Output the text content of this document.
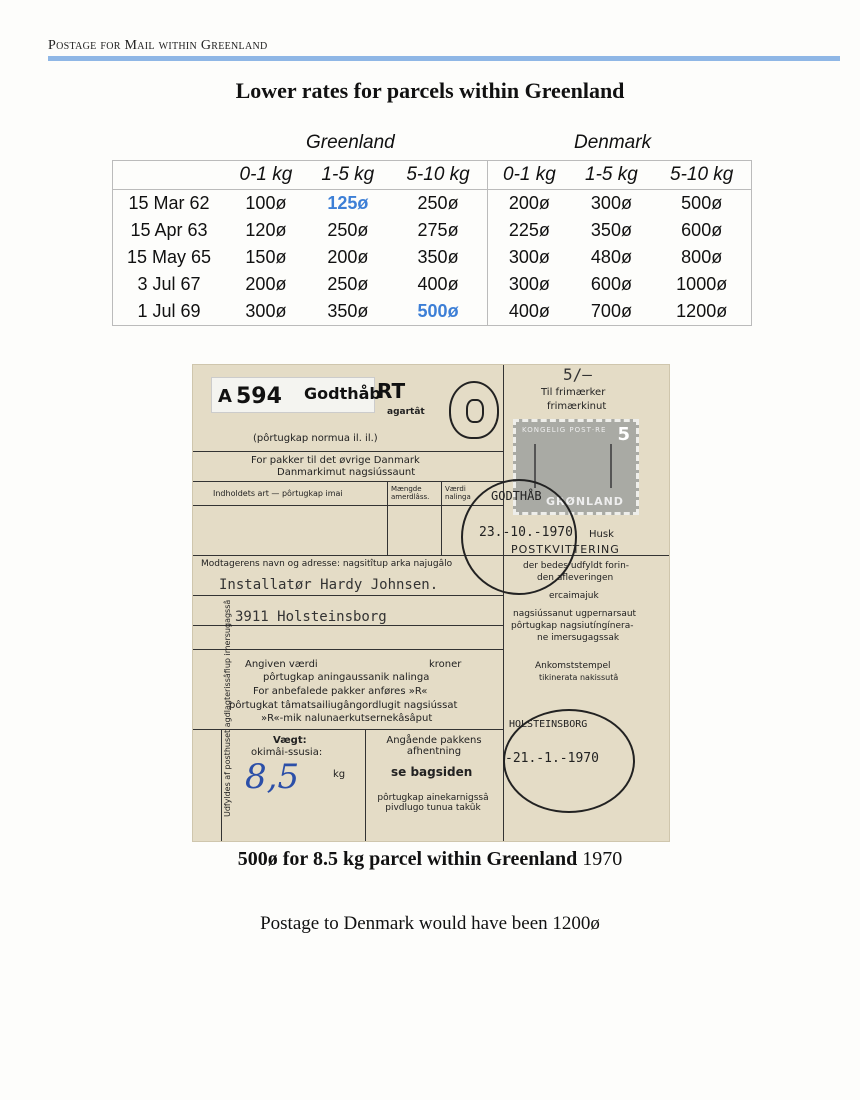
Postage for Mail within Greenland
Lower rates for parcels within Greenland
Greenland	Denmark
	0-1 kg	1-5 kg	5-10 kg	0-1 kg	1-5 kg	5-10 kg
15 Mar 62	100ø	125ø	250ø	200ø	300ø	500ø
15 Apr 63	120ø	250ø	275ø	225ø	350ø	600ø
15 May 65	150ø	200ø	350ø	300ø	480ø	800ø
3 Jul 67	200ø	250ø	400ø	300ø	600ø	1000ø
1 Jul 69	300ø	350ø	500ø	400ø	700ø	1200ø
A 594 Godthåb
RT
agartât
(pôrtugkap normua il. il.)
For pakker til det øvrige Danmark
Danmarkimut nagsiússaunt
Indholdets art — pôrtugkap imai	Mængde amerdlâss.
Værdi nalinga
Modtagerens navn og adresse: nagsitîtup arka najugâlo
Installatør Hardy Johnsen.
3911 Holsteinsborg
Angiven værdi	kroner
pôrtugkap aningaussanik nalinga
For anbefalede pakker anføres »R«
pôrtugkat tâmatsailiugângordlugit nagsiússat
»R«-mik nalunaerkutsernekâsâput
Udfyldes af posthuset agdlagterissâfiup imersugagssâ	Vægt:
okimâi-ssusia:
8,5	kg
Angående pakkens afhentning
se bagsiden
pôrtugkap ainekarnigssâ pivdlugo tunua takûk
5/—
Til frimærker
frimærkinut
KONGELIG POST·RE 5
GRØNLAND
GODTHÅB
23.-10.-1970 Husk
POSTKVITTERING
der bedes udfyldt forin-
den afleveringen
ercaimajuk
nagsiússanut ugpernarsaut
pôrtugkap nagsiutíngínera-
ne imersugagssak
Ankomststempel
tikinerata nakissutâ
HOLSTEINSBORG
-21.-1.-1970
500ø for 8.5 kg parcel within Greenland 1970
Postage to Denmark would have been 1200ø
